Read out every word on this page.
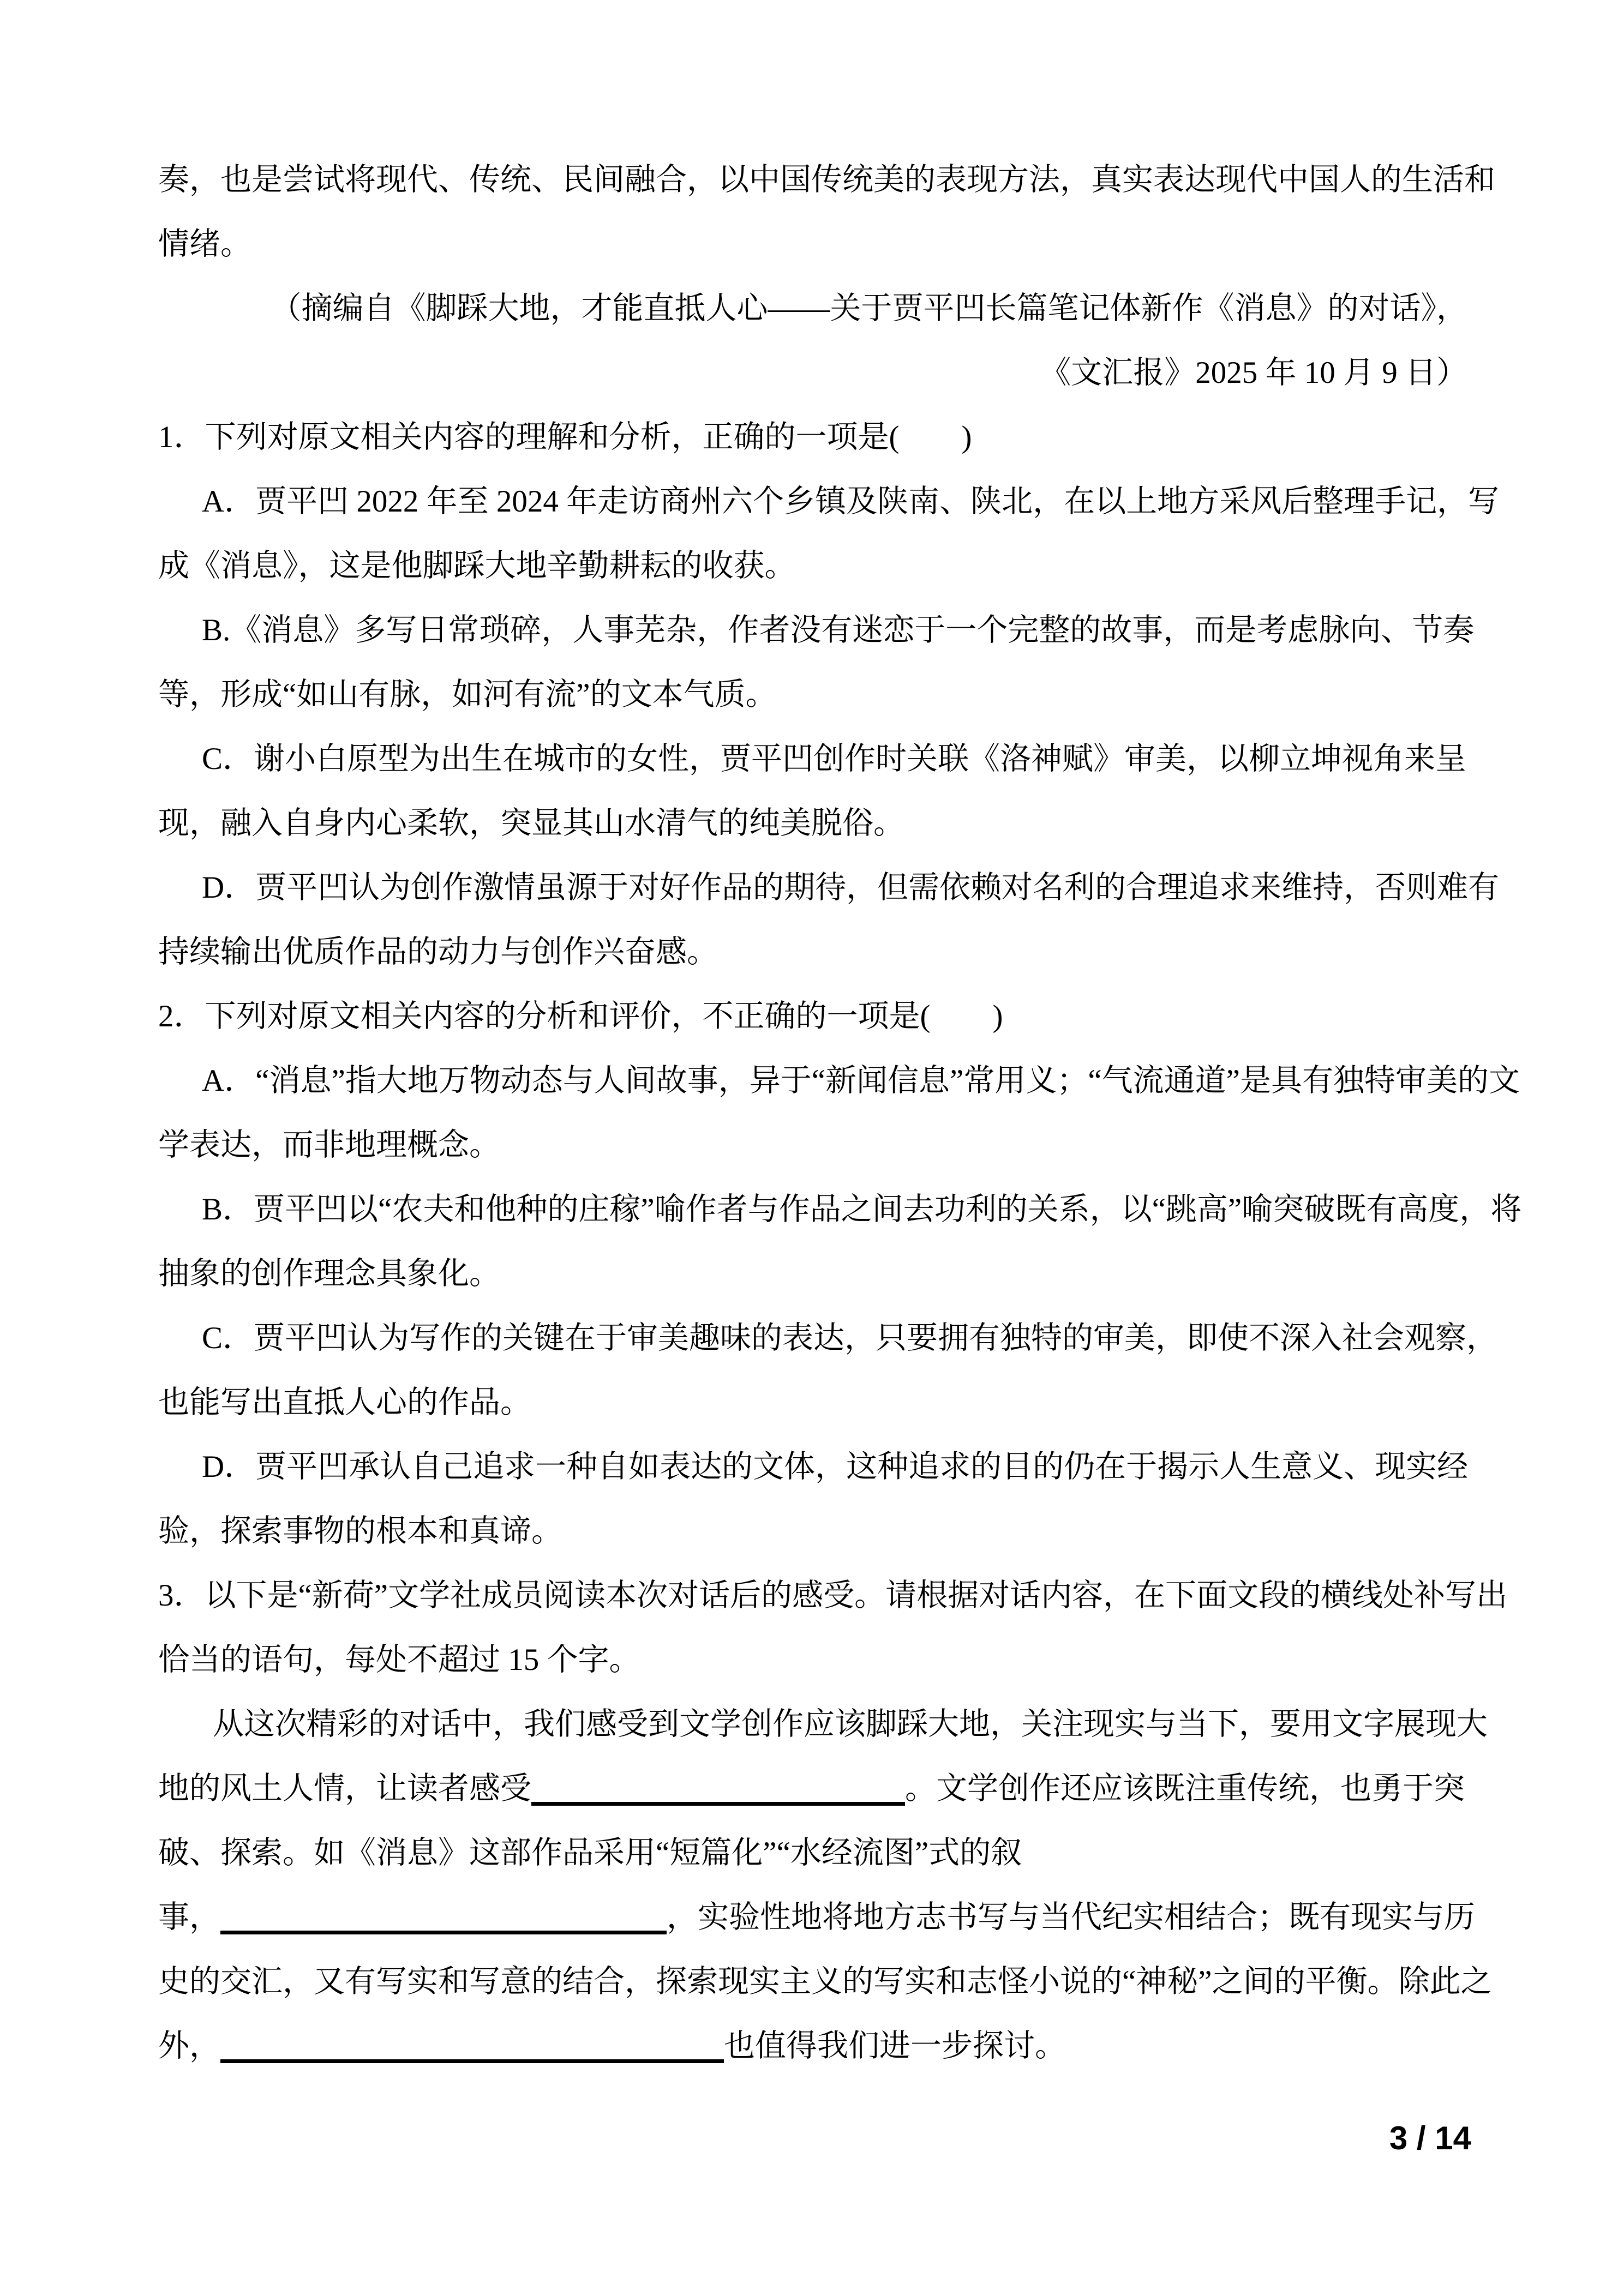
奏，也是尝试将现代、传统、民间融合，以中国传统美的表现方法，真实表达现代中国人的生活和
情绪。
（摘编自《脚踩大地，才能直抵人心——关于贾平凹长篇笔记体新作《消息》的对话》，
《文汇报》2025 年 10 月 9 日）
1．下列对原文相关内容的理解和分析，正确的一项是(　　)
A．贾平凹 2022 年至 2024 年走访商州六个乡镇及陕南、陕北，在以上地方采风后整理手记，写
成《消息》，这是他脚踩大地辛勤耕耘的收获。
B.《消息》多写日常琐碎，人事芜杂，作者没有迷恋于一个完整的故事，而是考虑脉向、节奏
等，形成“如山有脉，如河有流”的文本气质。
C．谢小白原型为出生在城市的女性，贾平凹创作时关联《洛神赋》审美，以柳立坤视角来呈
现，融入自身内心柔软，突显其山水清气的纯美脱俗。
D．贾平凹认为创作激情虽源于对好作品的期待，但需依赖对名利的合理追求来维持，否则难有
持续输出优质作品的动力与创作兴奋感。
2．下列对原文相关内容的分析和评价，不正确的一项是(　　)
A．“消息”指大地万物动态与人间故事，异于“新闻信息”常用义；“气流通道”是具有独特审美的文
学表达，而非地理概念。
B．贾平凹以“农夫和他种的庄稼”喻作者与作品之间去功利的关系，以“跳高”喻突破既有高度，将
抽象的创作理念具象化。
C．贾平凹认为写作的关键在于审美趣味的表达，只要拥有独特的审美，即使不深入社会观察，
也能写出直抵人心的作品。
D．贾平凹承认自己追求一种自如表达的文体，这种追求的目的仍在于揭示人生意义、现实经
验，探索事物的根本和真谛。
3．以下是“新荷”文学社成员阅读本次对话后的感受。请根据对话内容，在下面文段的横线处补写出
恰当的语句，每处不超过 15 个字。
从这次精彩的对话中，我们感受到文学创作应该脚踩大地，关注现实与当下，要用文字展现大
地的风土人情，让读者感受	。文学创作还应该既注重传统，也勇于突
破、探索。如《消息》这部作品采用“短篇化”“水经流图”式的叙
事，	，实验性地将地方志书写与当代纪实相结合；既有现实与历
史的交汇，又有写实和写意的结合，探索现实主义的写实和志怪小说的“神秘”之间的平衡。除此之
外，	也值得我们进一步探讨。
3 / 14
